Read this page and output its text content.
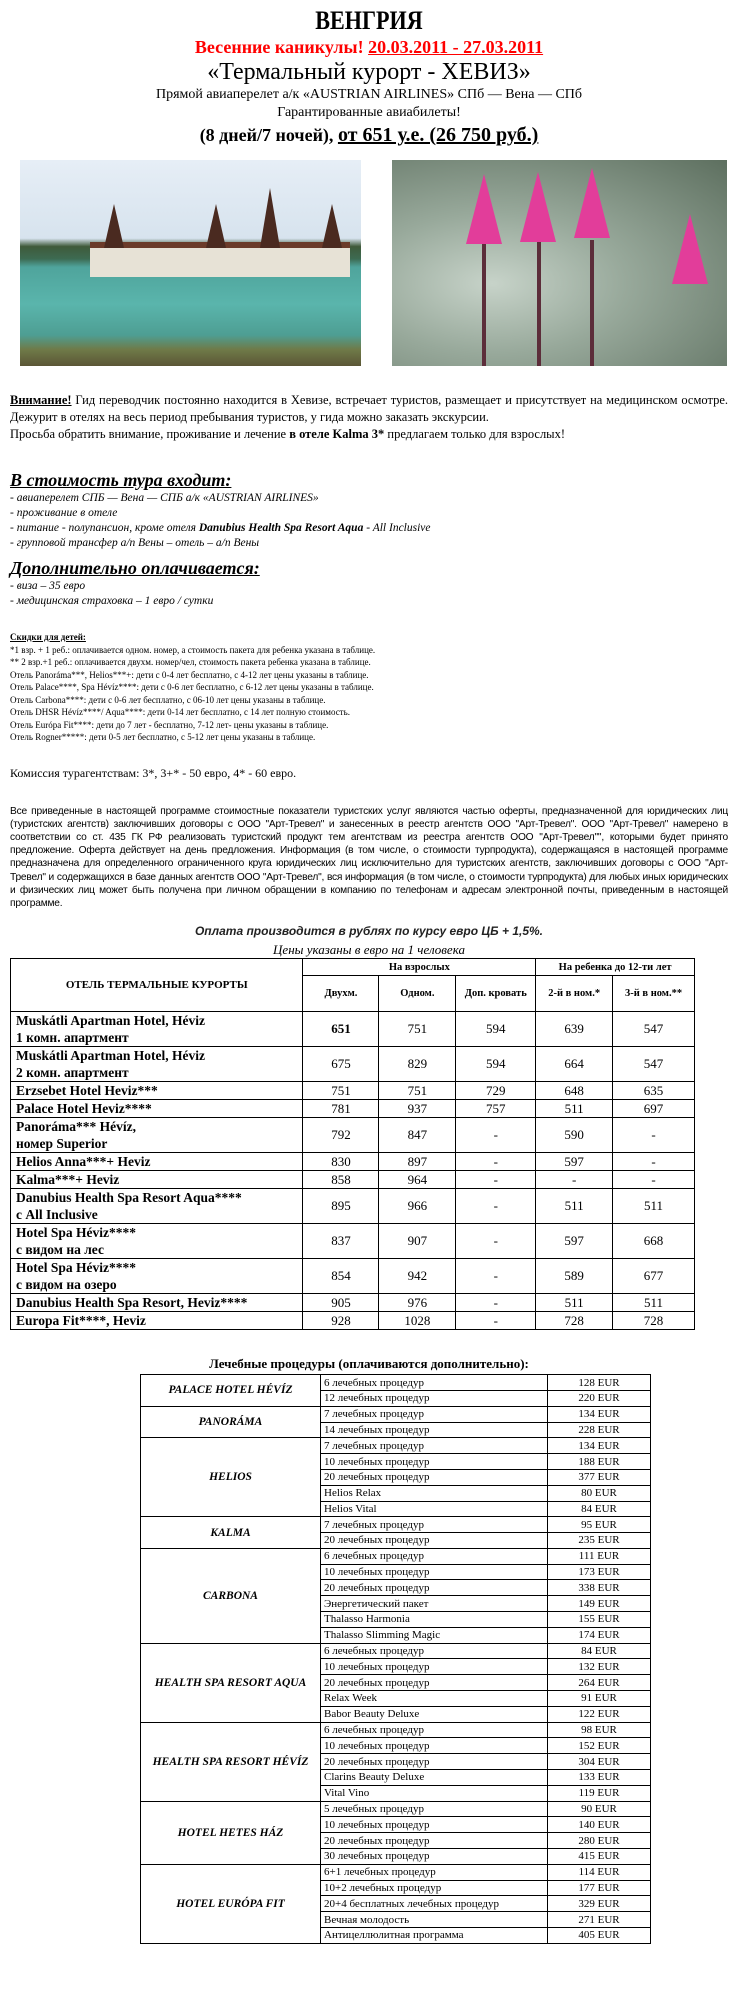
ВЕНГРИЯ
Весенние каникулы! 20.03.2011 - 27.03.2011
«Термальный курорт - ХЕВИЗ»
Прямой авиаперелет а/к «AUSTRIAN AIRLINES» СПб — Вена — СПб
Гарантированные авиабилеты!
(8 дней/7 ночей), от 651 у.е. (26 750 руб.)
Внимание! Гид переводчик постоянно находится в Хевизе, встречает туристов, размещает и присутствует на медицинском осмотре. Дежурит в отелях на весь период пребывания туристов, у гида можно заказать экскурсии.
Просьба обратить внимание, проживание и лечение в отеле Kalma 3* предлагаем только для взрослых!
В стоимость тура входит:
- авиаперелет СПБ — Вена — СПБ а/к «AUSTRIAN AIRLINES»
- проживание в отеле
- питание - полупансион, кроме отеля Danubius Health Spa Resort Aqua - All Inclusive
- групповой трансфер а/п Вены – отель – а/п Вены
Дополнительно оплачивается:
- виза – 35 евро
- медицинская страховка – 1 евро / сутки
Скидки для детей:
*1 взр. + 1 реб.: оплачивается одном. номер, а стоимость пакета для ребенка указана в таблице.
** 2 взр.+1 реб.: оплачивается двухм. номер/чел, стоимость пакета ребенка указана в таблице.
Отель Panoráma***, Helios***+: дети с 0-4 лет бесплатно, с 4-12 лет цены указаны в таблице.
Отель Palace****, Spa Hévíz****: дети с 0-6 лет бесплатно, с 6-12 лет цены указаны в таблице.
Отель Carbona****: дети с 0-6 лет бесплатно, с 06-10 лет цены указаны в таблице.
Отель DHSR Hévíz****/ Aqua****: дети 0-14 лет бесплатно, с 14 лет полную стоимость.
Отель Európa Fit****: дети до 7 лет - бесплатно, 7-12 лет- цены указаны в таблице.
Отель Rogner*****: дети 0-5 лет бесплатно, с 5-12 лет цены указаны в таблице.
Комиссия турагентствам: 3*, 3+* - 50 евро, 4* - 60 евро.
Все приведенные в настоящей программе стоимостные показатели туристских услуг являются частью оферты, предназначенной для юридических лиц (туристских агентств) заключивших договоры с ООО "Арт-Тревел" и занесенных в реестр агентств ООО "Арт-Тревел". ООО "Арт-Тревел" намерено в соответствии со ст. 435 ГК РФ реализовать туристский продукт тем агентствам из реестра агентств ООО "Арт-Тревел"", которыми будет принято предложение. Оферта действует на день предложения. Информация (в том числе, о стоимости турпродукта), содержащаяся в настоящей программе предназначена для определенного ограниченного круга юридических лиц исключительно для туристских агентств, заключивших договоры с ООО "Арт-Тревел" и содержащихся в базе данных агентств ООО "Арт-Тревел", вся информация (в том числе, о стоимости турпродукта) для любых иных юридических и физических лиц может быть получена при личном обращении в компанию по телефонам и адресам электронной почты, приведенным в настоящей программе.
Оплата производится в рублях по курсу евро ЦБ + 1,5%.
Цены указаны в евро на 1 человека
ОТЕЛЬ ТЕРМАЛЬНЫЕ КУРОРТЫ	На взрослых			На ребенка до 12-ти лет	
	Двухм.	Одном.	Доп. кровать	2-й в ном.*	3-й в ном.**

Muskátli Apartman Hotel, Héviz
1 комн. апартмент	651	751	594	639	547

Muskátli Apartman Hotel, Héviz
2 комн. апартмент	675	829	594	664	547

Erzsebet Hotel Heviz***	751	751	729	648	635

Palace Hotel Heviz****	781	937	757	511	697

Panoráma*** Hévíz,
номер Superior	792	847	-	590	-

Helios Anna***+ Heviz	830	897	-	597	-

Kalma***+ Heviz	858	964	-	-	-

Danubius Health Spa Resort Aqua****
с All Inclusive	895	966	-	511	511

Hotel Spa Héviz****
с видом на лес	837	907	-	597	668

Hotel Spa Héviz****
с видом на озеро	854	942	-	589	677

Danubius Health Spa Resort, Heviz****	905	976	-	511	511

Europa Fit****, Heviz	928	1028	-	728	728
Лечебные процедуры (оплачиваются дополнительно):
PALACE HOTEL HÉVÍZ	6 лечебных процедур	128 EUR
	12 лечебных процедур	220 EUR
PANORÁMA	7 лечебных процедур	134 EUR
	14 лечебных процедур	228 EUR
HELIOS	7 лечебных процедур	134 EUR
	10 лечебных процедур	188 EUR
	20 лечебных процедур	377 EUR
	Helios Relax	80 EUR
	Helios Vital	84 EUR
KALMA	7 лечебных процедур	95 EUR
	20 лечебных процедур	235 EUR
CARBONA	6 лечебных процедур	111 EUR
	10 лечебных процедур	173 EUR
	20 лечебных процедур	338 EUR
	Энергетический пакет	149 EUR
	Thalasso Harmonia	155 EUR
	Thalasso Slimming Magic	174 EUR
HEALTH SPA RESORT AQUA	6 лечебных процедур	84 EUR
	10 лечебных процедур	132 EUR
	20 лечебных процедур	264 EUR
	Relax Week	91 EUR
	Babor Beauty Deluxe	122 EUR
HEALTH SPA RESORT HÉVÍZ	6 лечебных процедур	98 EUR
	10 лечебных процедур	152 EUR
	20 лечебных процедур	304 EUR
	Clarins Beauty Deluxe	133 EUR
	Vital Vino	119 EUR
HOTEL HETES HÁZ	5 лечебных процедур	90 EUR
	10 лечебных процедур	140 EUR
	20 лечебных процедур	280 EUR
	30 лечебных процедур	415 EUR
HOTEL EURÓPA FIT	6+1 лечебных процедур	114 EUR
	10+2 лечебных процедур	177 EUR
	20+4 бесплатных лечебных процедур	329 EUR
	Вечная молодость	271 EUR
	Антицеллюлитная программа	405 EUR
